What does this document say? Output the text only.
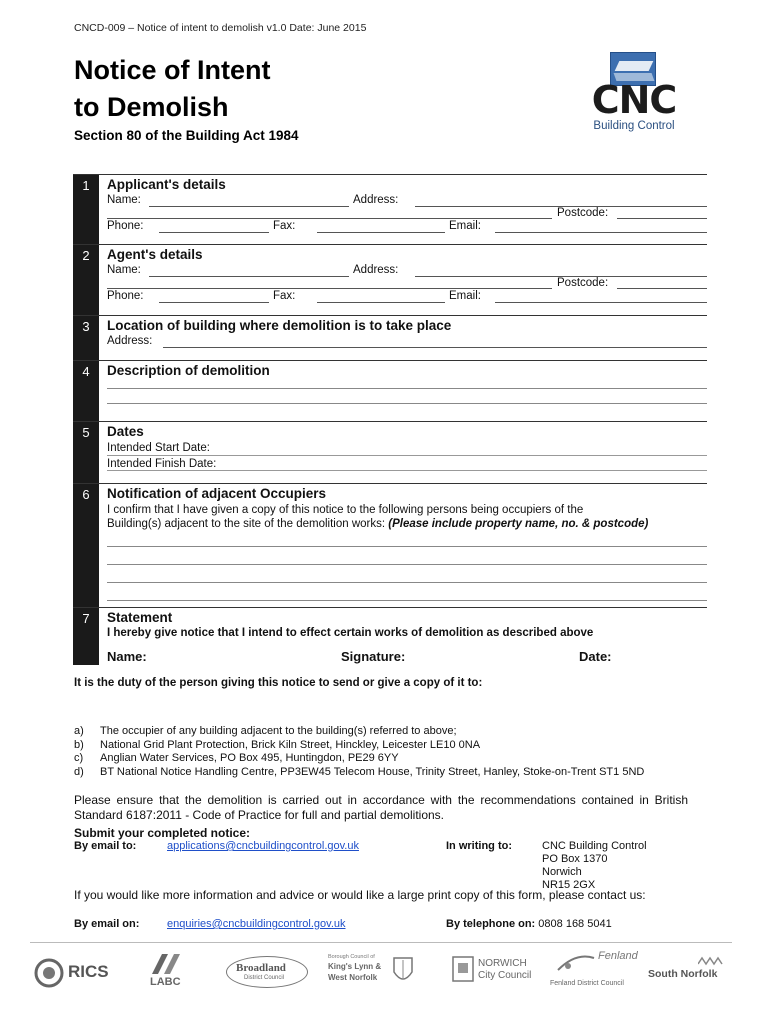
CNCD-009 – Notice of intent to demolish v1.0 Date: June 2015
Notice of Intent
to Demolish
Section 80 of the Building Act 1984
CNC
Building Control
1	Applicant's details
Name:	Address:
Postcode:
Phone:	Fax:	Email:
2	Agent's details
Name:	Address:
Postcode:
Phone:	Fax:	Email:
3	Location of building where demolition is to take place
Address:
4	Description of demolition
5	Dates
Intended Start Date:
Intended Finish Date:
6	Notification of adjacent Occupiers
I confirm that I have given a copy of this notice to the following persons being occupiers of the
Building(s) adjacent to the site of the demolition works: (Please include property name, no. & postcode)
7	Statement
I hereby give notice that I intend to effect certain works of demolition as described above
Name:	Signature:	Date:
It is the duty of the person giving this notice to send or give a copy of it to:
a)	The occupier of any building adjacent to the building(s) referred to above;
b)	National Grid Plant Protection, Brick Kiln Street, Hinckley, Leicester LE10 0NA
c)	Anglian Water Services, PO Box 495, Huntingdon, PE29 6YY
d)	BT National Notice Handling Centre, PP3EW45 Telecom House, Trinity Street, Hanley, Stoke-on-Trent ST1 5ND
Please ensure that the demolition is carried out in accordance with the recommendations contained in British Standard 6187:2011 - Code of Practice for full and partial demolitions.
Submit your completed notice:
By email to:	applications@cncbuildingcontrol.gov.uk	In writing to:	CNC Building Control
PO Box 1370
Norwich
NR15 2GX
If you would like more information and advice or would like a large print copy of this form, please contact us:
By email on:	enquiries@cncbuildingcontrol.gov.uk	By telephone on: 0808 168 5041
RICS
LABC
Broadland
District Council
Borough Council of
King's Lynn &
West Norfolk
NORWICH
City Council
Fenland
Fenland District Council
South Norfolk
